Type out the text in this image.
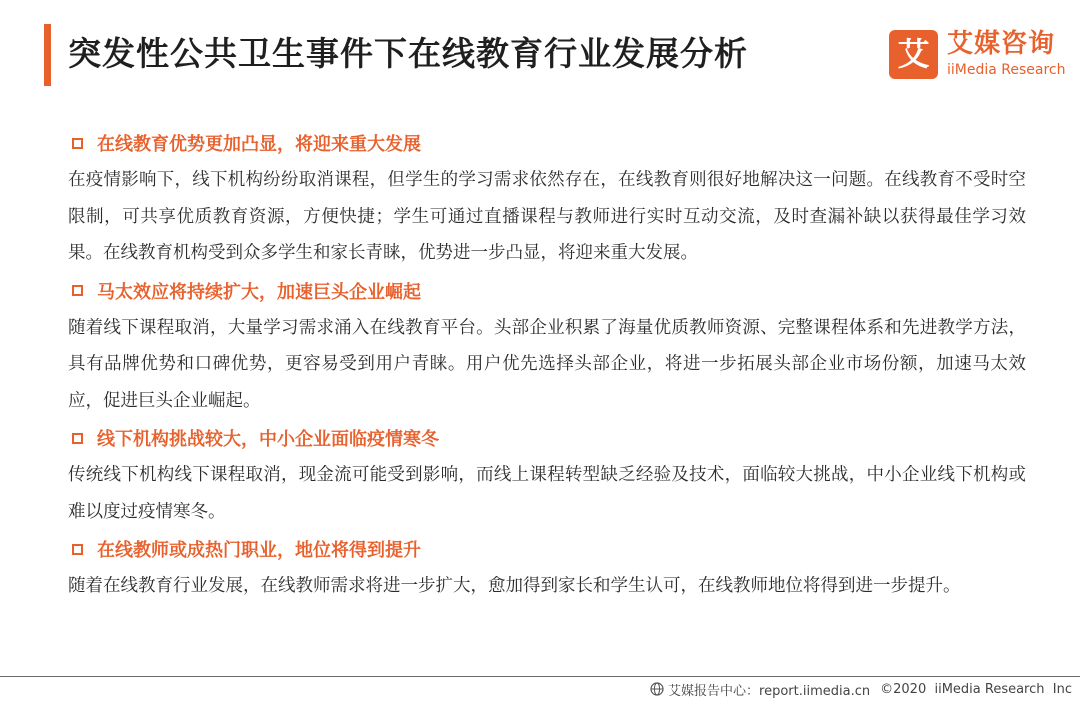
突发性公共卫生事件下在线教育行业发展分析	艾 艾媒咨询
iiMedia Research
在线教育优势更加凸显，将迎来重大发展

在疫情影响下，线下机构纷纷取消课程，但学生的学习需求依然存在，在线教育则很好地解决这一问题。在线教育不受时空限制，可共享优质教育资源，方便快捷；学生可通过直播课程与教师进行实时互动交流，及时查漏补缺以获得最佳学习效果。在线教育机构受到众多学生和家长青睐，优势进一步凸显，将迎来重大发展。

马太效应将持续扩大，加速巨头企业崛起

随着线下课程取消，大量学习需求涌入在线教育平台。头部企业积累了海量优质教师资源、完整课程体系和先进教学方法，具有品牌优势和口碑优势，更容易受到用户青睐。用户优先选择头部企业，将进一步拓展头部企业市场份额，加速马太效应，促进巨头企业崛起。

线下机构挑战较大，中小企业面临疫情寒冬

传统线下机构线下课程取消，现金流可能受到影响，而线上课程转型缺乏经验及技术，面临较大挑战，中小企业线下机构或难以度过疫情寒冬。

在线教师或成热门职业，地位将得到提升

随着在线教育行业发展，在线教师需求将进一步扩大，愈加得到家长和学生认可，在线教师地位将得到进一步提升。

艾媒报告中心：report.iimedia.cn ©2020  iiMedia Research  Inc
